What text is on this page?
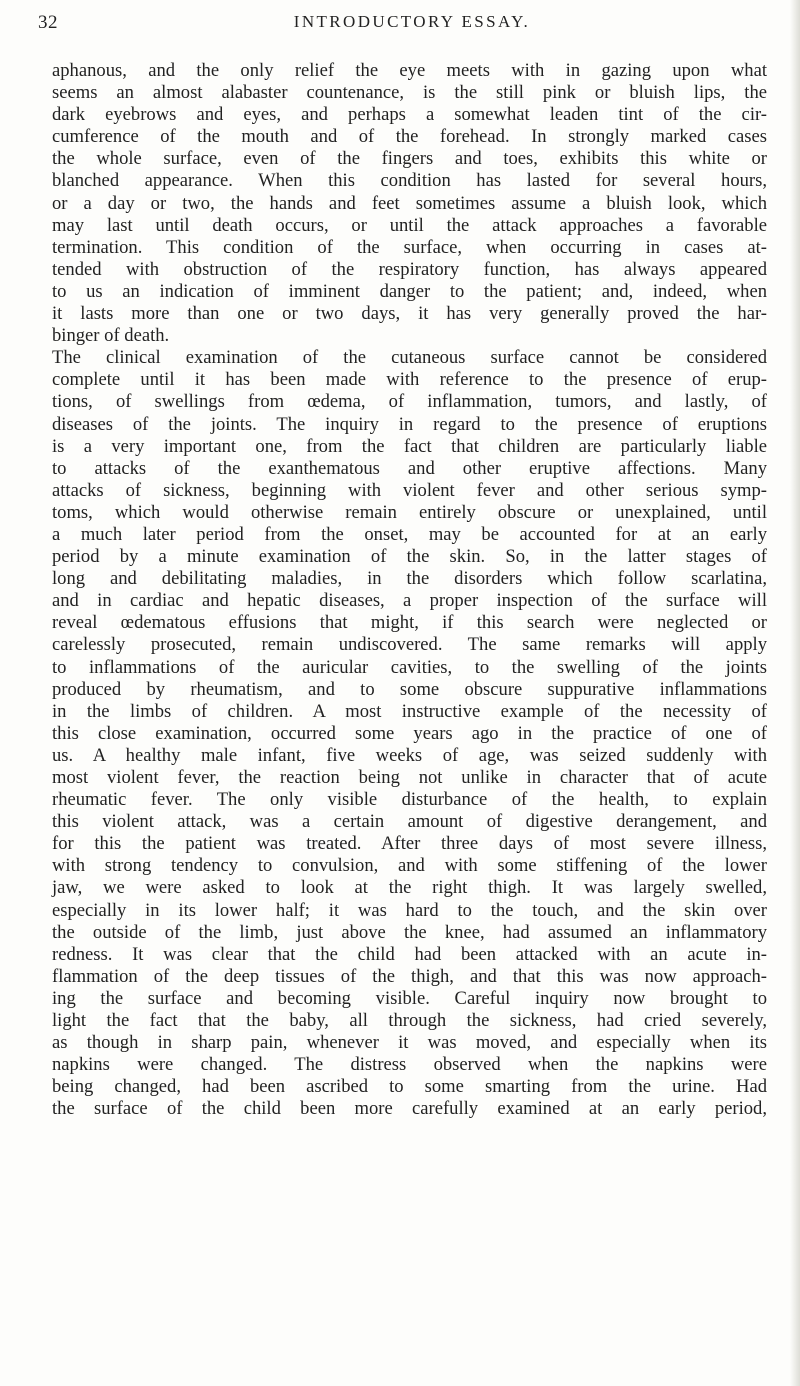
32	INTRODUCTORY ESSAY.
aphanous, and the only relief the eye meets with in gazing upon what
seems an almost alabaster countenance, is the still pink or bluish lips, the
dark eyebrows and eyes, and perhaps a somewhat leaden tint of the cir-
cumference of the mouth and of the forehead. In strongly marked cases
the whole surface, even of the fingers and toes, exhibits this white or
blanched appearance. When this condition has lasted for several hours,
or a day or two, the hands and feet sometimes assume a bluish look, which
may last until death occurs, or until the attack approaches a favorable
termination. This condition of the surface, when occurring in cases at-
tended with obstruction of the respiratory function, has always appeared
to us an indication of imminent danger to the patient; and, indeed, when
it lasts more than one or two days, it has very generally proved the har-
binger of death.
The clinical examination of the cutaneous surface cannot be considered
complete until it has been made with reference to the presence of erup-
tions, of swellings from œdema, of inflammation, tumors, and lastly, of
diseases of the joints. The inquiry in regard to the presence of eruptions
is a very important one, from the fact that children are particularly liable
to attacks of the exanthematous and other eruptive affections. Many
attacks of sickness, beginning with violent fever and other serious symp-
toms, which would otherwise remain entirely obscure or unexplained, until
a much later period from the onset, may be accounted for at an early
period by a minute examination of the skin. So, in the latter stages of
long and debilitating maladies, in the disorders which follow scarlatina,
and in cardiac and hepatic diseases, a proper inspection of the surface will
reveal œdematous effusions that might, if this search were neglected or
carelessly prosecuted, remain undiscovered. The same remarks will apply
to inflammations of the auricular cavities, to the swelling of the joints
produced by rheumatism, and to some obscure suppurative inflammations
in the limbs of children. A most instructive example of the necessity of
this close examination, occurred some years ago in the practice of one of
us. A healthy male infant, five weeks of age, was seized suddenly with
most violent fever, the reaction being not unlike in character that of acute
rheumatic fever. The only visible disturbance of the health, to explain
this violent attack, was a certain amount of digestive derangement, and
for this the patient was treated. After three days of most severe illness,
with strong tendency to convulsion, and with some stiffening of the lower
jaw, we were asked to look at the right thigh. It was largely swelled,
especially in its lower half; it was hard to the touch, and the skin over
the outside of the limb, just above the knee, had assumed an inflammatory
redness. It was clear that the child had been attacked with an acute in-
flammation of the deep tissues of the thigh, and that this was now approach-
ing the surface and becoming visible. Careful inquiry now brought to
light the fact that the baby, all through the sickness, had cried severely,
as though in sharp pain, whenever it was moved, and especially when its
napkins were changed. The distress observed when the napkins were
being changed, had been ascribed to some smarting from the urine. Had
the surface of the child been more carefully examined at an early period,
